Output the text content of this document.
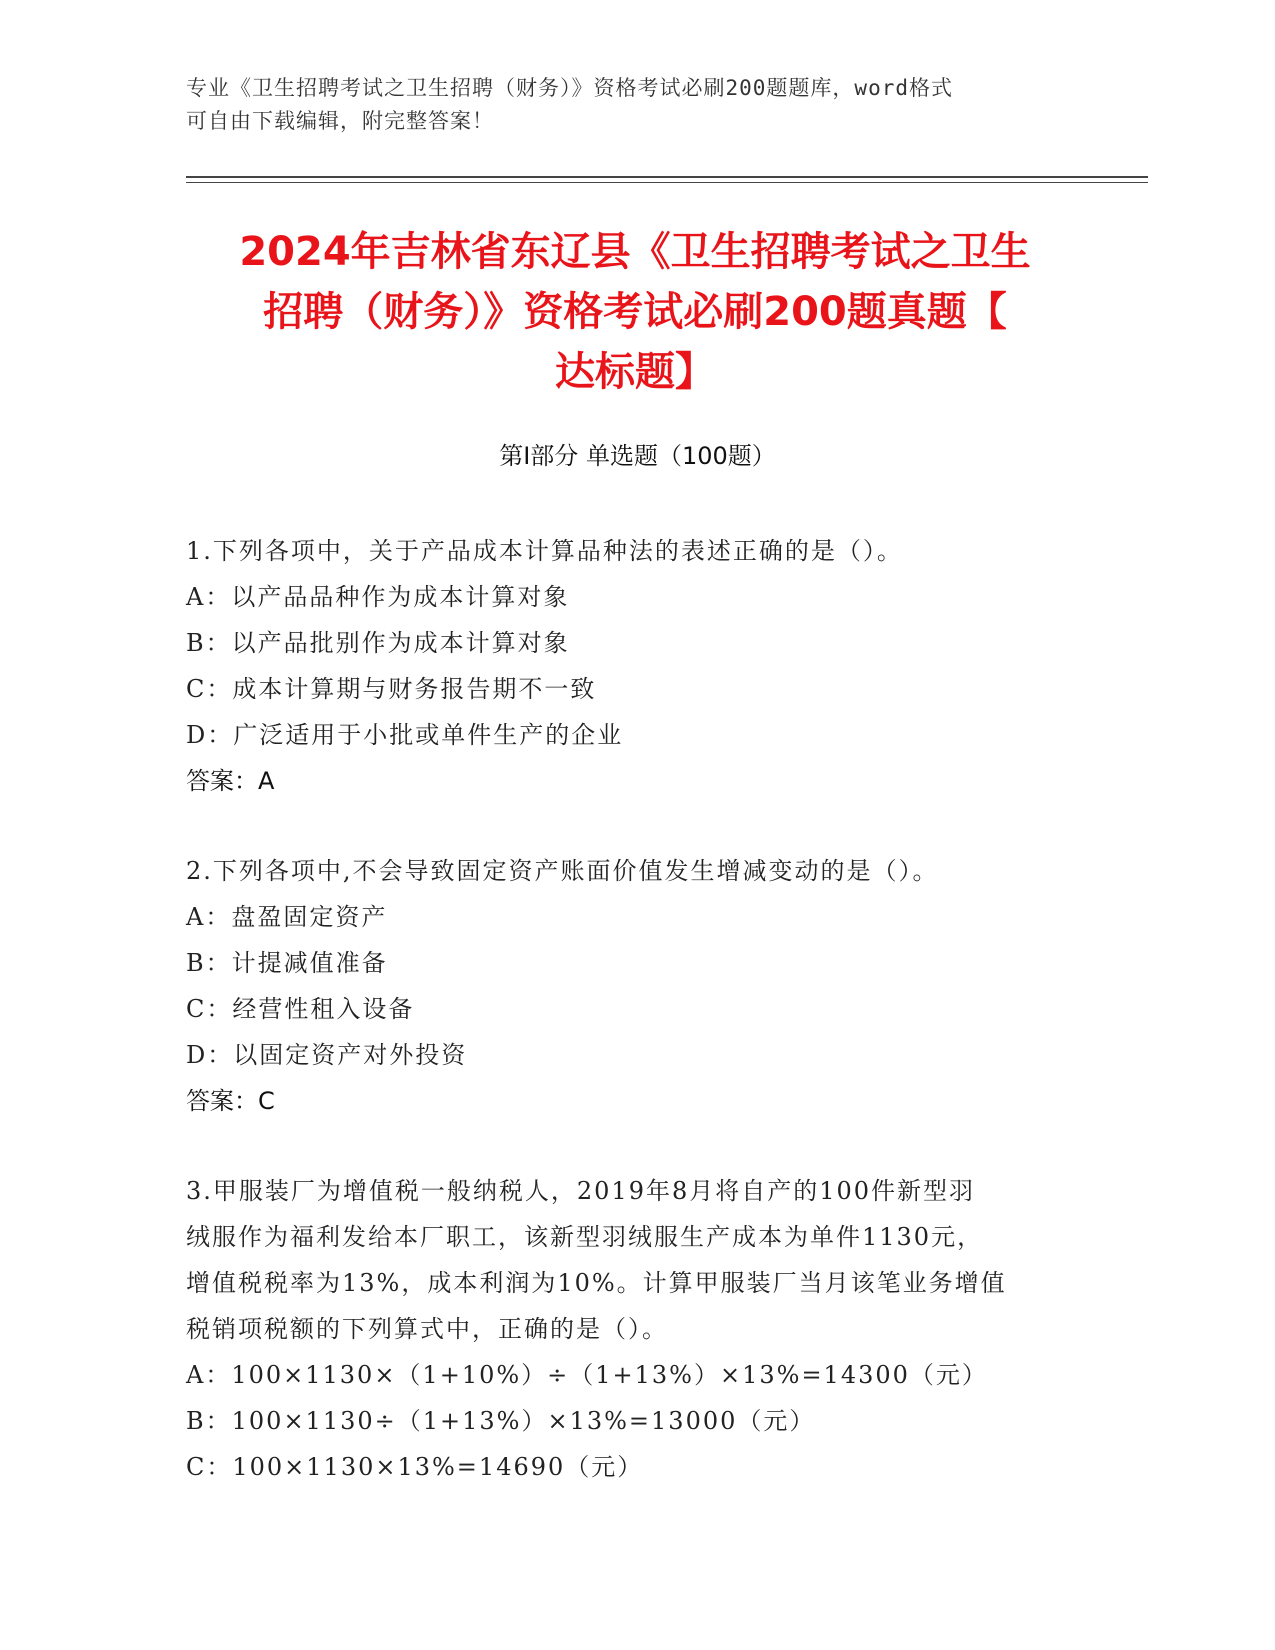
专业《卫生招聘考试之卫生招聘（财务）》资格考试必刷200题题库，word格式
可自由下载编辑，附完整答案！
2024年吉林省东辽县《卫生招聘考试之卫生
招聘（财务）》资格考试必刷200题真题【
达标题】
第I部分 单选题（100题）
1.下列各项中，关于产品成本计算品种法的表述正确的是（）。
A：以产品品种作为成本计算对象
B：以产品批别作为成本计算对象
C：成本计算期与财务报告期不一致
D：广泛适用于小批或单件生产的企业
答案：A
2.下列各项中,不会导致固定资产账面价值发生增减变动的是（）。
A：盘盈固定资产
B：计提减值准备
C：经营性租入设备
D：以固定资产对外投资
答案：C
3.甲服装厂为增值税一般纳税人，2019年8月将自产的100件新型羽
绒服作为福利发给本厂职工，该新型羽绒服生产成本为单件1130元，
增值税税率为13%，成本利润为10%。计算甲服装厂当月该笔业务增值
税销项税额的下列算式中，正确的是（）。
A：100×1130×（1+10%）÷（1+13%）×13%=14300（元）
B：100×1130÷（1+13%）×13%=13000（元）
C：100×1130×13%=14690（元）
